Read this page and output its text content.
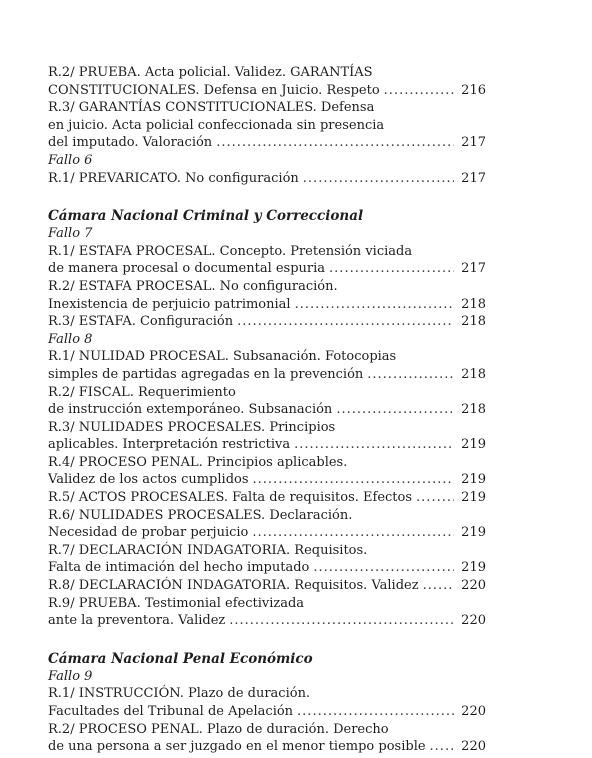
R.2/ PRUEBA. Acta policial. Validez. GARANTÍAS
CONSTITUCIONALES. Defensa en Juicio. Respeto .....	216
R.3/ GARANTÍAS CONSTITUCIONALES. Defensa
en juicio. Acta policial confeccionada sin presencia
del imputado. Valoración .....	217
Fallo 6
R.1/ PREVARICATO. No configuración .....	217
Cámara Nacional Criminal y Correccional
Fallo 7
R.1/ ESTAFA PROCESAL. Concepto. Pretensión viciada
de manera procesal o documental espuria .....	217
R.2/ ESTAFA PROCESAL. No configuración.
Inexistencia de perjuicio patrimonial .....	218
R.3/ ESTAFA. Configuración .....	218
Fallo 8
R.1/ NULIDAD PROCESAL. Subsanación. Fotocopias
simples de partidas agregadas en la prevención .....	218
R.2/ FISCAL. Requerimiento
de instrucción extemporáneo. Subsanación .....	218
R.3/ NULIDADES PROCESALES. Principios
aplicables. Interpretación restrictiva .....	219
R.4/ PROCESO PENAL. Principios aplicables.
Validez de los actos cumplidos .....	219
R.5/ ACTOS PROCESALES. Falta de requisitos. Efectos .....	219
R.6/ NULIDADES PROCESALES. Declaración.
Necesidad de probar perjuicio .....	219
R.7/ DECLARACIÓN INDAGATORIA. Requisitos.
Falta de intimación del hecho imputado .....	219
R.8/ DECLARACIÓN INDAGATORIA. Requisitos. Validez .....	220
R.9/ PRUEBA. Testimonial efectivizada
ante la preventora. Validez .....	220
Cámara Nacional Penal Económico
Fallo 9
R.1/ INSTRUCCIÓN. Plazo de duración.
Facultades del Tribunal de Apelación .....	220
R.2/ PROCESO PENAL. Plazo de duración. Derecho
de una persona a ser juzgado en el menor tiempo posible .....	220
